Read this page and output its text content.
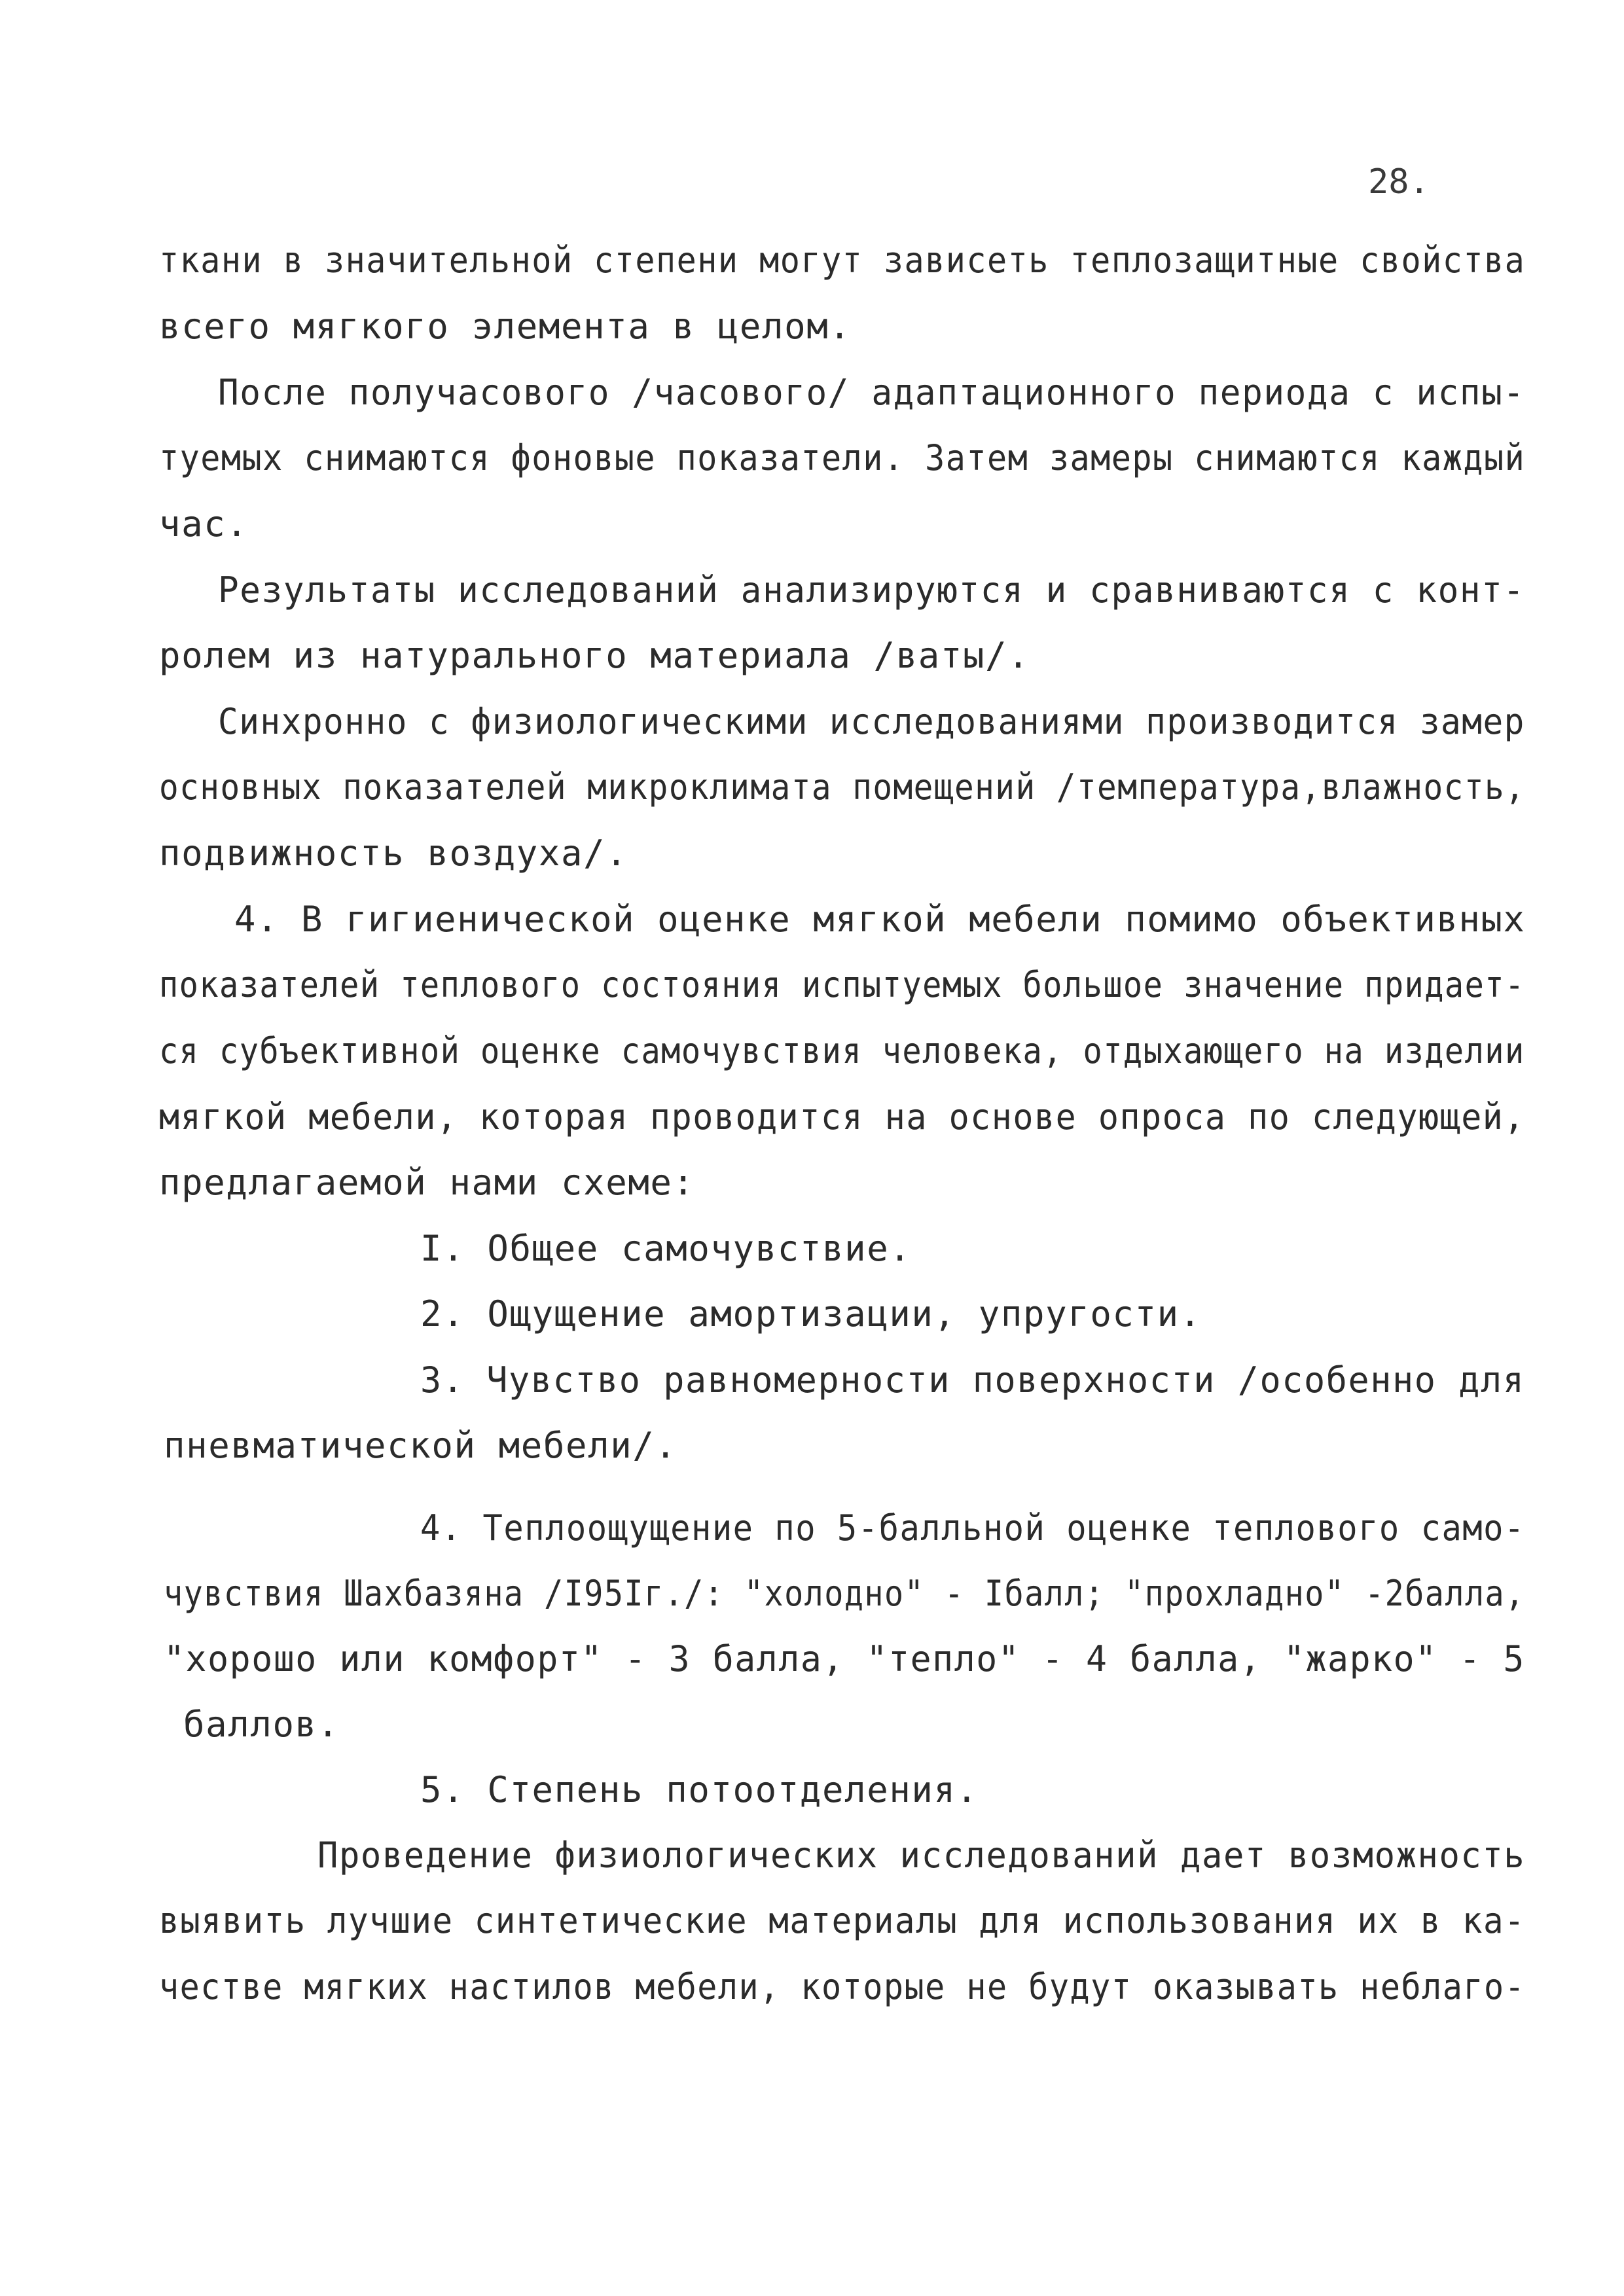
28.
ткани в значительной степени могут зависеть теплозащитные свойства
всего мягкого элемента в целом.
После получасового /часового/ адаптационного периода с испы-
туемых снимаются фоновые показатели. Затем замеры снимаются каждый
час.
Результаты исследований анализируются и сравниваются с конт-
ролем из натурального материала /ваты/.
Синхронно с физиологическими исследованиями производится замер
основных показателей микроклимата помещений /температура,влажность,
подвижность воздуха/.
4. В гигиенической оценке мягкой мебели помимо объективных
показателей теплового состояния испытуемых большое значение придает-
ся субъективной оценке самочувствия человека, отдыхающего на изделии
мягкой мебели, которая проводится на основе опроса по следующей,
предлагаемой нами схеме:
I. Общее самочувствие.
2. Ощущение амортизации, упругости.
3. Чувство равномерности поверхности /особенно для
пневматической мебели/.
4. Теплоощущение по 5-балльной оценке теплового само-
чувствия Шахбазяна /I95Iг./: "холодно" - Iбалл; "прохладно" -2балла,
"хорошо или комфорт" - 3 балла, "тепло" - 4 балла, "жарко" - 5
баллов.
5. Степень потоотделения.
Проведение физиологических исследований дает возможность
выявить лучшие синтетические материалы для использования их в ка-
честве мягких настилов мебели, которые не будут оказывать неблаго-
